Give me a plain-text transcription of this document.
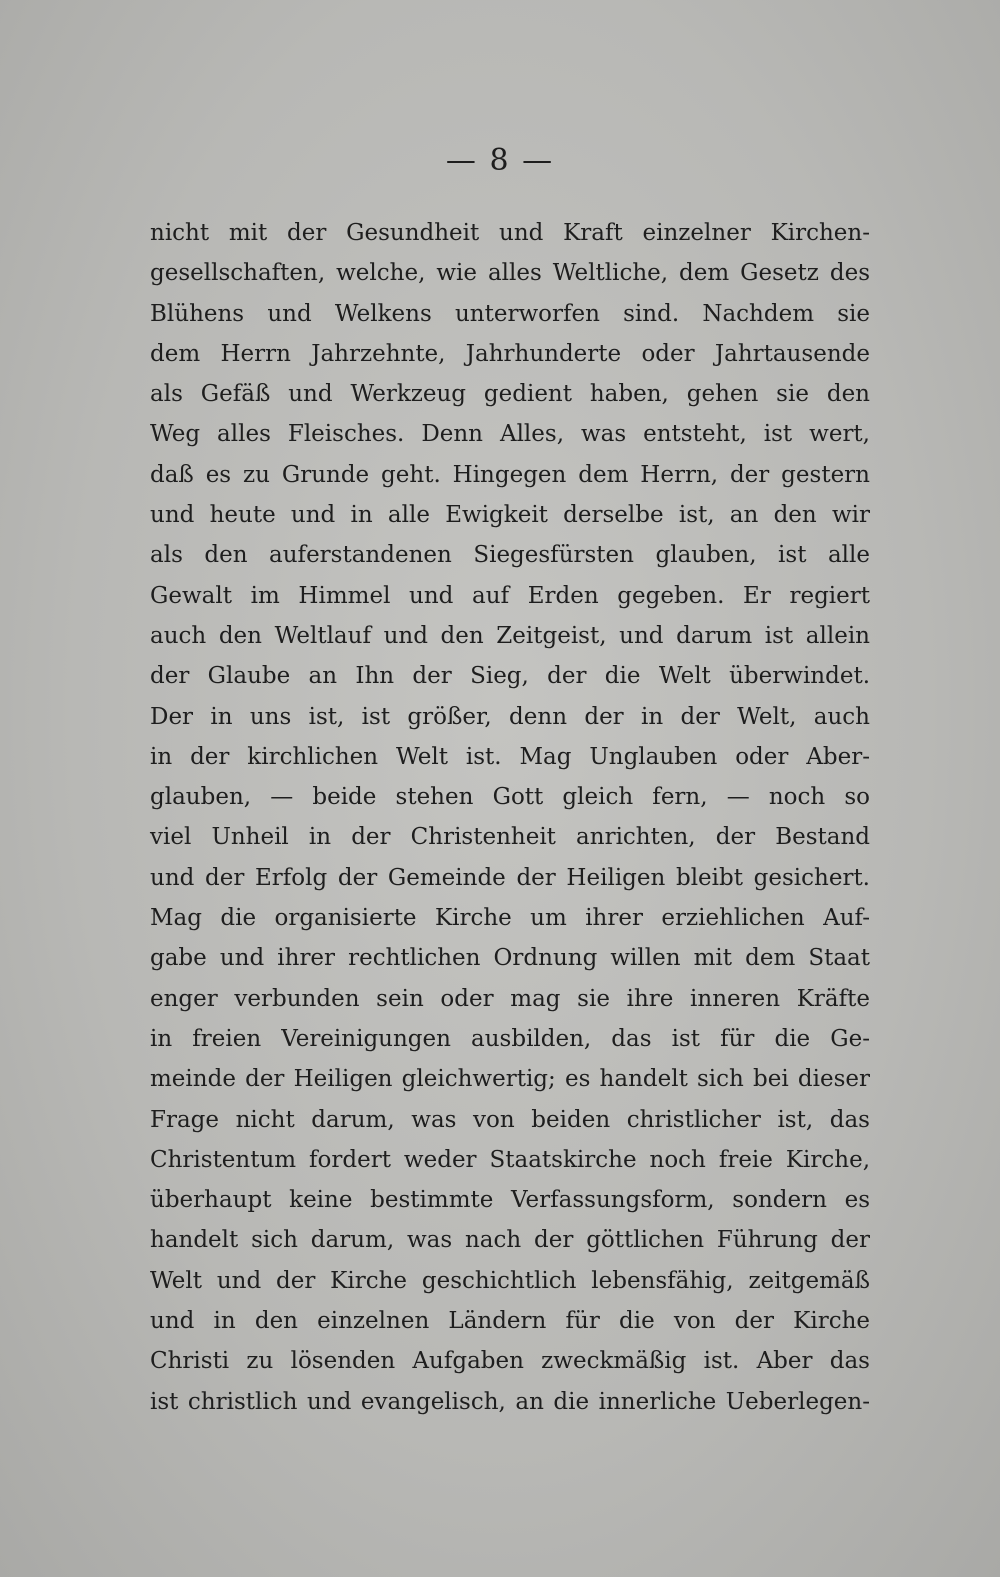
— 8 —
nicht mit der Gesundheit und Kraft einzelner Kirchen-
gesellschaften, welche, wie alles Weltliche, dem Gesetz des
Blühens und Welkens unterworfen sind. Nachdem sie
dem Herrn Jahrzehnte, Jahrhunderte oder Jahrtausende
als Gefäß und Werkzeug gedient haben, gehen sie den
Weg alles Fleisches. Denn Alles, was entsteht, ist wert,
daß es zu Grunde geht. Hingegen dem Herrn, der gestern
und heute und in alle Ewigkeit derselbe ist, an den wir
als den auferstandenen Siegesfürsten glauben, ist alle
Gewalt im Himmel und auf Erden gegeben. Er regiert
auch den Weltlauf und den Zeitgeist, und darum ist allein
der Glaube an Ihn der Sieg, der die Welt überwindet.
Der in uns ist, ist größer, denn der in der Welt, auch
in der kirchlichen Welt ist. Mag Unglauben oder Aber-
glauben, — beide stehen Gott gleich fern, — noch so
viel Unheil in der Christenheit anrichten, der Bestand
und der Erfolg der Gemeinde der Heiligen bleibt gesichert.
Mag die organisierte Kirche um ihrer erziehlichen Auf-
gabe und ihrer rechtlichen Ordnung willen mit dem Staat
enger verbunden sein oder mag sie ihre inneren Kräfte
in freien Vereinigungen ausbilden, das ist für die Ge-
meinde der Heiligen gleichwertig; es handelt sich bei dieser
Frage nicht darum, was von beiden christlicher ist, das
Christentum fordert weder Staatskirche noch freie Kirche,
überhaupt keine bestimmte Verfassungsform, sondern es
handelt sich darum, was nach der göttlichen Führung der
Welt und der Kirche geschichtlich lebensfähig, zeitgemäß
und in den einzelnen Ländern für die von der Kirche
Christi zu lösenden Aufgaben zweckmäßig ist. Aber das
ist christlich und evangelisch, an die innerliche Ueberlegen-
